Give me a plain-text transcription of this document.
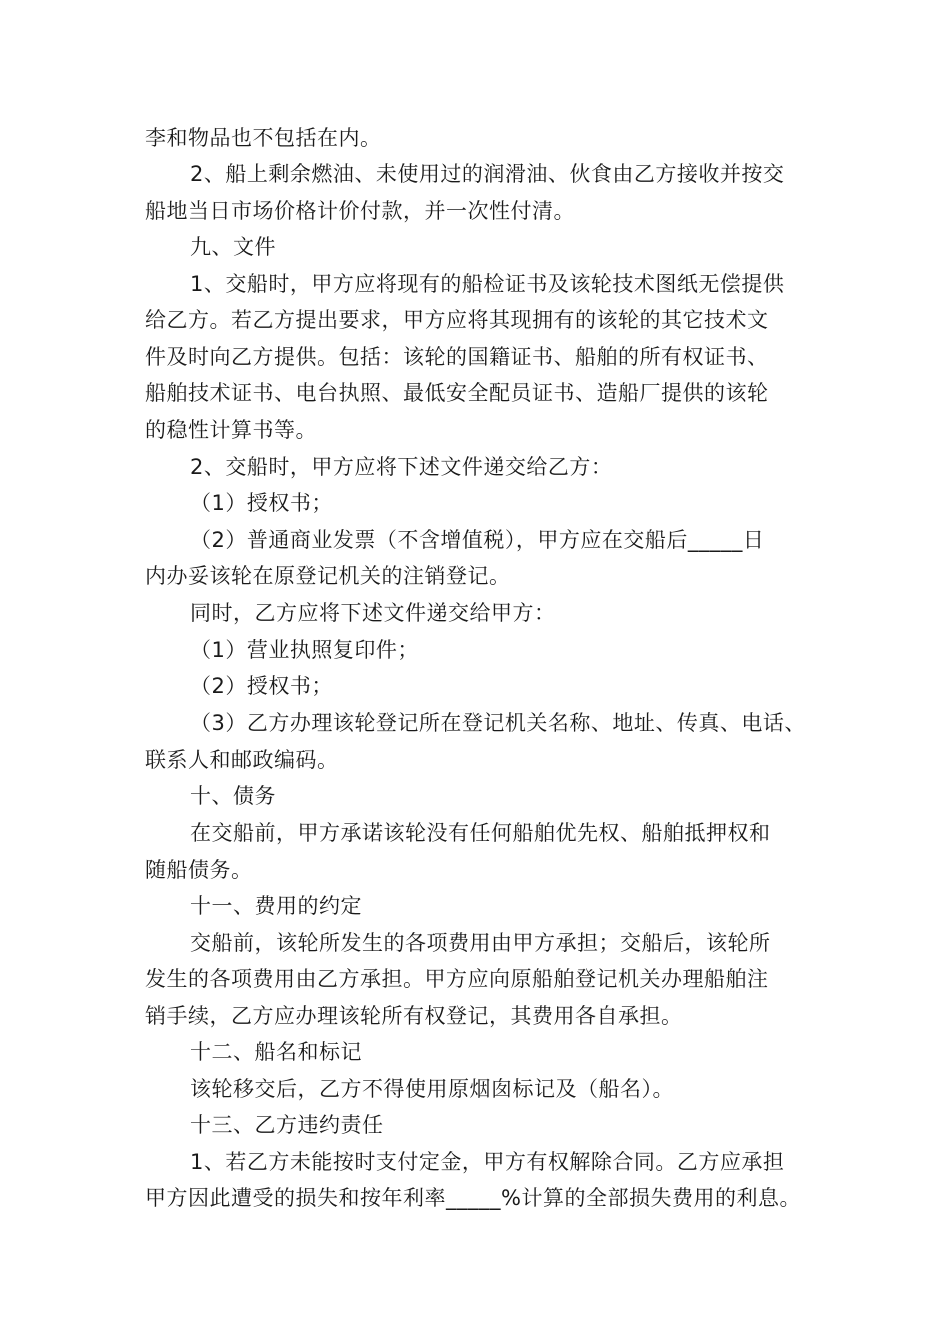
李和物品也不包括在内。
2、船上剩余燃油、未使用过的润滑油、伙食由乙方接收并按交
船地当日市场价格计价付款，并一次性付清。
九、文件
1、交船时，甲方应将现有的船检证书及该轮技术图纸无偿提供
给乙方。若乙方提出要求，甲方应将其现拥有的该轮的其它技术文
件及时向乙方提供。包括：该轮的国籍证书、船舶的所有权证书、
船舶技术证书、电台执照、最低安全配员证书、造船厂提供的该轮
的稳性计算书等。
2、交船时，甲方应将下述文件递交给乙方：
（1）授权书；
（2）普通商业发票（不含增值税），甲方应在交船后_____日
内办妥该轮在原登记机关的注销登记。
同时，乙方应将下述文件递交给甲方：
（1）营业执照复印件；
（2）授权书；
（3）乙方办理该轮登记所在登记机关名称、地址、传真、电话、
联系人和邮政编码。
十、债务
在交船前，甲方承诺该轮没有任何船舶优先权、船舶抵押权和
随船债务。
十一、费用的约定
交船前，该轮所发生的各项费用由甲方承担；交船后，该轮所
发生的各项费用由乙方承担。甲方应向原船舶登记机关办理船舶注
销手续，乙方应办理该轮所有权登记，其费用各自承担。
十二、船名和标记
该轮移交后，乙方不得使用原烟囱标记及（船名）。
十三、乙方违约责任
1、若乙方未能按时支付定金，甲方有权解除合同。乙方应承担
甲方因此遭受的损失和按年利率_____%计算的全部损失费用的利息。
